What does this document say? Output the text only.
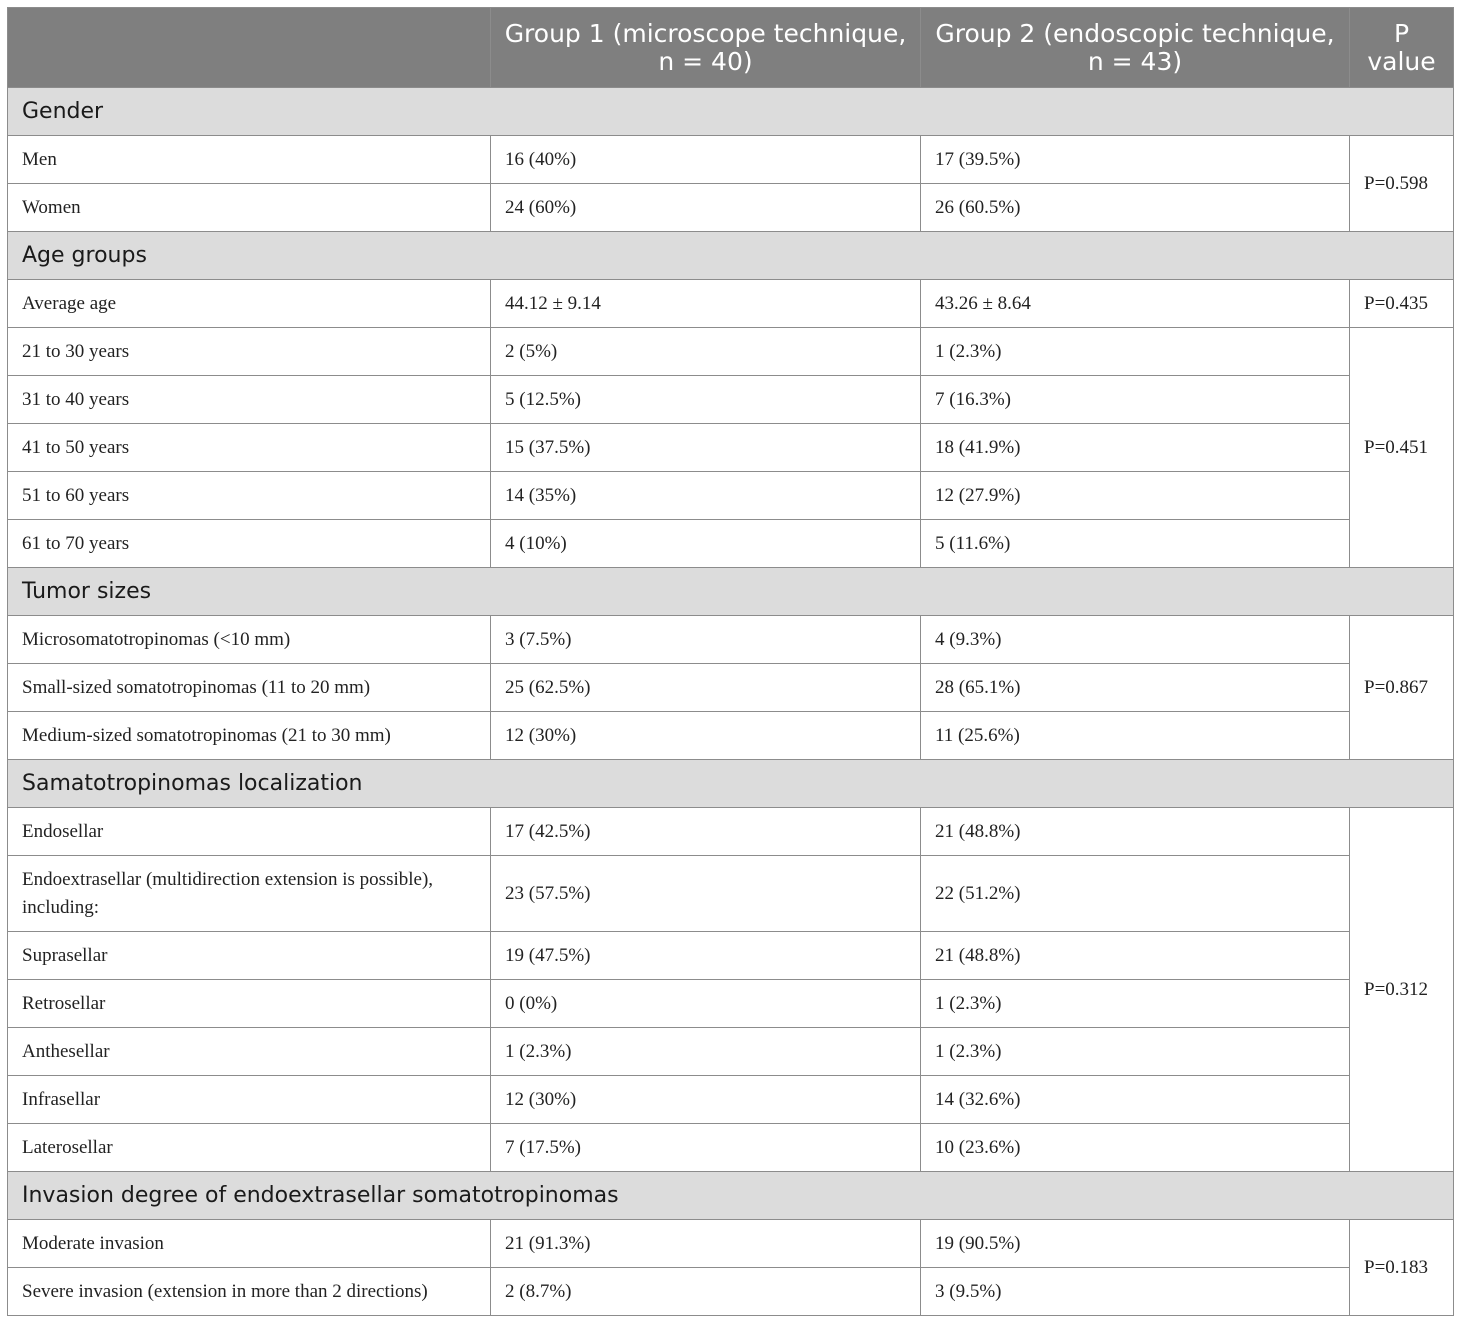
	Group 1 (microscope technique, n = 40)	Group 2 (endoscopic technique, n = 43)	P value
Gender			
Men	16 (40%)	17 (39.5%)	P=0.598
Women	24 (60%)	26 (60.5%)	
Age groups			
Average age	44.12 ± 9.14	43.26 ± 8.64	P=0.435
21 to 30 years	2 (5%)	1 (2.3%)	P=0.451
31 to 40 years	5 (12.5%)	7 (16.3%)	
41 to 50 years	15 (37.5%)	18 (41.9%)	
51 to 60 years	14 (35%)	12 (27.9%)	
61 to 70 years	4 (10%)	5 (11.6%)	
Tumor sizes			
Microsomatotropinomas (<10 mm)	3 (7.5%)	4 (9.3%)	P=0.867
Small-sized somatotropinomas (11 to 20 mm)	25 (62.5%)	28 (65.1%)	
Medium-sized somatotropinomas (21 to 30 mm)	12 (30%)	11 (25.6%)	
Samatotropinomas localization			
Endosellar	17 (42.5%)	21 (48.8%)	P=0.312
Endoextrasellar (multidirection extension is possible), including:	23 (57.5%)	22 (51.2%)	
Suprasellar	19 (47.5%)	21 (48.8%)	
Retrosellar	0 (0%)	1 (2.3%)	
Anthesellar	1 (2.3%)	1 (2.3%)	
Infrasellar	12 (30%)	14 (32.6%)	
Laterosellar	7 (17.5%)	10 (23.6%)	
Invasion degree of endoextrasellar somatotropinomas			
Moderate invasion	21 (91.3%)	19 (90.5%)	P=0.183
Severe invasion (extension in more than 2 directions)	2 (8.7%)	3 (9.5%)	
